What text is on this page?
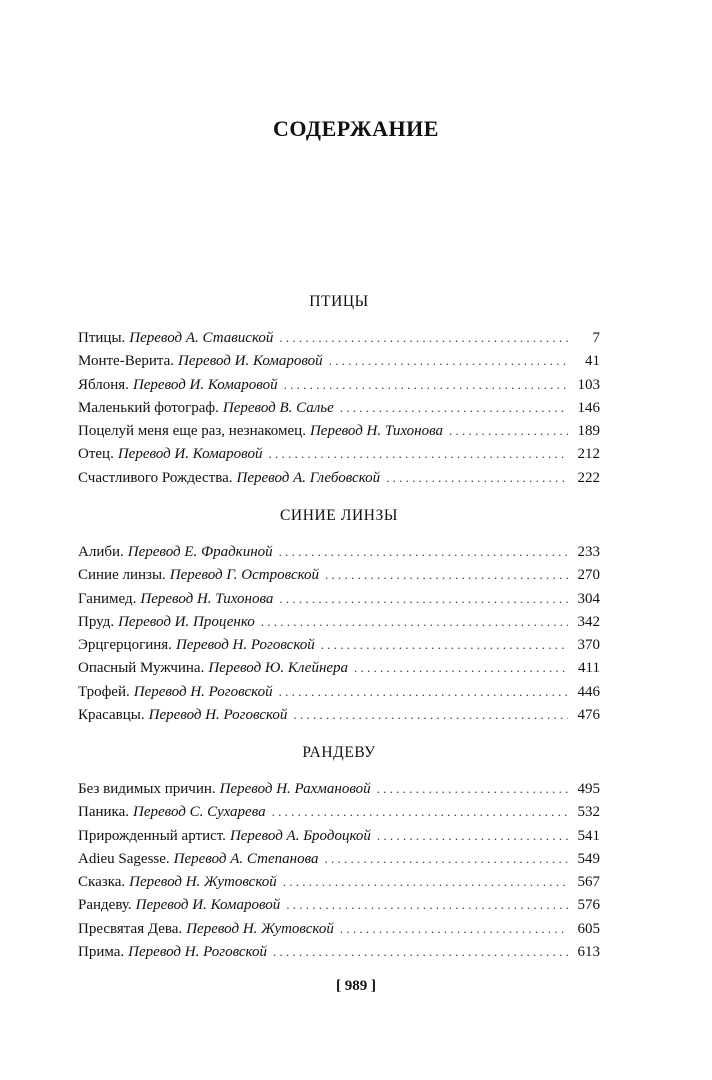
СОДЕРЖАНИЕ
ПТИЦЫ
Птицы. Перевод А. Ставиской . . .	7
Монте-Верита. Перевод И. Комаровой . . .	41
Яблоня. Перевод И. Комаровой . . .	103
Маленький фотограф. Перевод В. Салье . . .	146
Поцелуй меня еще раз, незнакомец. Перевод Н. Тихонова . . .	189
Отец. Перевод И. Комаровой . . .	212
Счастливого Рождества. Перевод А. Глебовской . . .	222
СИНИЕ ЛИНЗЫ
Алиби. Перевод Е. Фрадкиной . . .	233
Синие линзы. Перевод Г. Островской . . .	270
Ганимед. Перевод Н. Тихонова . . .	304
Пруд. Перевод И. Проценко . . .	342
Эрцгерцогиня. Перевод Н. Роговской . . .	370
Опасный Мужчина. Перевод Ю. Клейнера . . .	411
Трофей. Перевод Н. Роговской . . .	446
Красавцы. Перевод Н. Роговской . . .	476
РАНДЕВУ
Без видимых причин. Перевод Н. Рахмановой . . .	495
Паника. Перевод С. Сухарева . . .	532
Прирожденный артист. Перевод А. Бродоцкой . . .	541
Adieu Sagesse. Перевод А. Степанова . . .	549
Сказка. Перевод Н. Жутовской . . .	567
Рандеву. Перевод И. Комаровой . . .	576
Пресвятая Дева. Перевод Н. Жутовской . . .	605
Прима. Перевод Н. Роговской . . .	613
[ 989 ]
